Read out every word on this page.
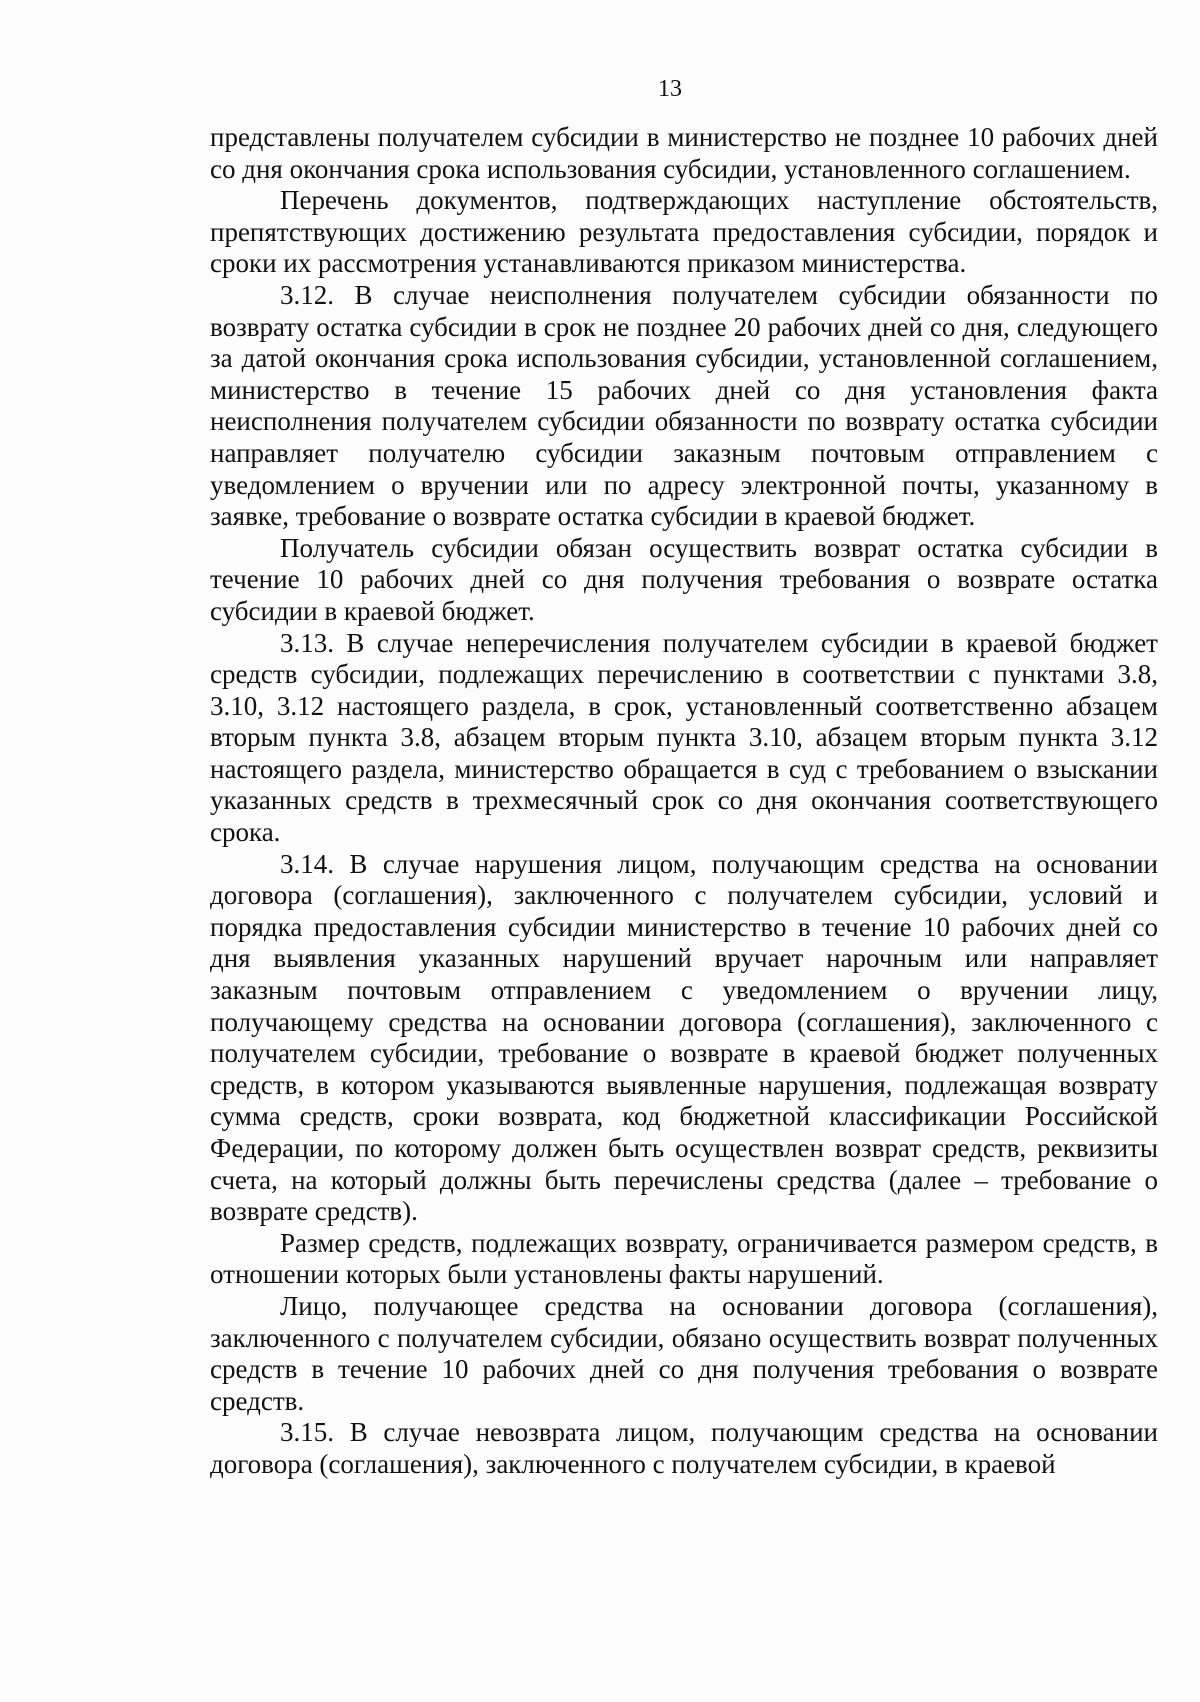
13

представлены получателем субсидии в министерство не позднее 10 рабочих дней со дня окончания срока использования субсидии, установленного соглашением.

Перечень документов, подтверждающих наступление обстоятельств, препятствующих достижению результата предоставления субсидии, порядок и сроки их рассмотрения устанавливаются приказом министерства.

3.12. В случае неисполнения получателем субсидии обязанности по возврату остатка субсидии в срок не позднее 20 рабочих дней со дня, следующего за датой окончания срока использования субсидии, установленной соглашением, министерство в течение 15 рабочих дней со дня установления факта неисполнения получателем субсидии обязанности по возврату остатка субсидии направляет получателю субсидии заказным почтовым отправлением с уведомлением о вручении или по адресу электронной почты, указанному в заявке, требование о возврате остатка субсидии в краевой бюджет.

Получатель субсидии обязан осуществить возврат остатка субсидии в течение 10 рабочих дней со дня получения требования о возврате остатка субсидии в краевой бюджет.

3.13. В случае неперечисления получателем субсидии в краевой бюджет средств субсидии, подлежащих перечислению в соответствии с пунктами 3.8, 3.10, 3.12 настоящего раздела, в срок, установленный соответственно абзацем вторым пункта 3.8, абзацем вторым пункта 3.10, абзацем вторым пункта 3.12 настоящего раздела, министерство обращается в суд с требованием о взыскании указанных средств в трехмесячный срок со дня окончания соответствующего срока.

3.14. В случае нарушения лицом, получающим средства на основании договора (соглашения), заключенного с получателем субсидии, условий и порядка предоставления субсидии министерство в течение 10 рабочих дней со дня выявления указанных нарушений вручает нарочным или направляет заказным почтовым отправлением с уведомлением о вручении лицу, получающему средства на основании договора (соглашения), заключенного с получателем субсидии, требование о возврате в краевой бюджет полученных средств, в котором указываются выявленные нарушения, подлежащая возврату сумма средств, сроки возврата, код бюджетной классификации Российской Федерации, по которому должен быть осуществлен возврат средств, реквизиты счета, на который должны быть перечислены средства (далее – требование о возврате средств).

Размер средств, подлежащих возврату, ограничивается размером средств, в отношении которых были установлены факты нарушений.

Лицо, получающее средства на основании договора (соглашения), заключенного с получателем субсидии, обязано осуществить возврат полученных средств в течение 10 рабочих дней со дня получения требования о возврате средств.

3.15. В случае невозврата лицом, получающим средства на основании договора (соглашения), заключенного с получателем субсидии, в краевой
